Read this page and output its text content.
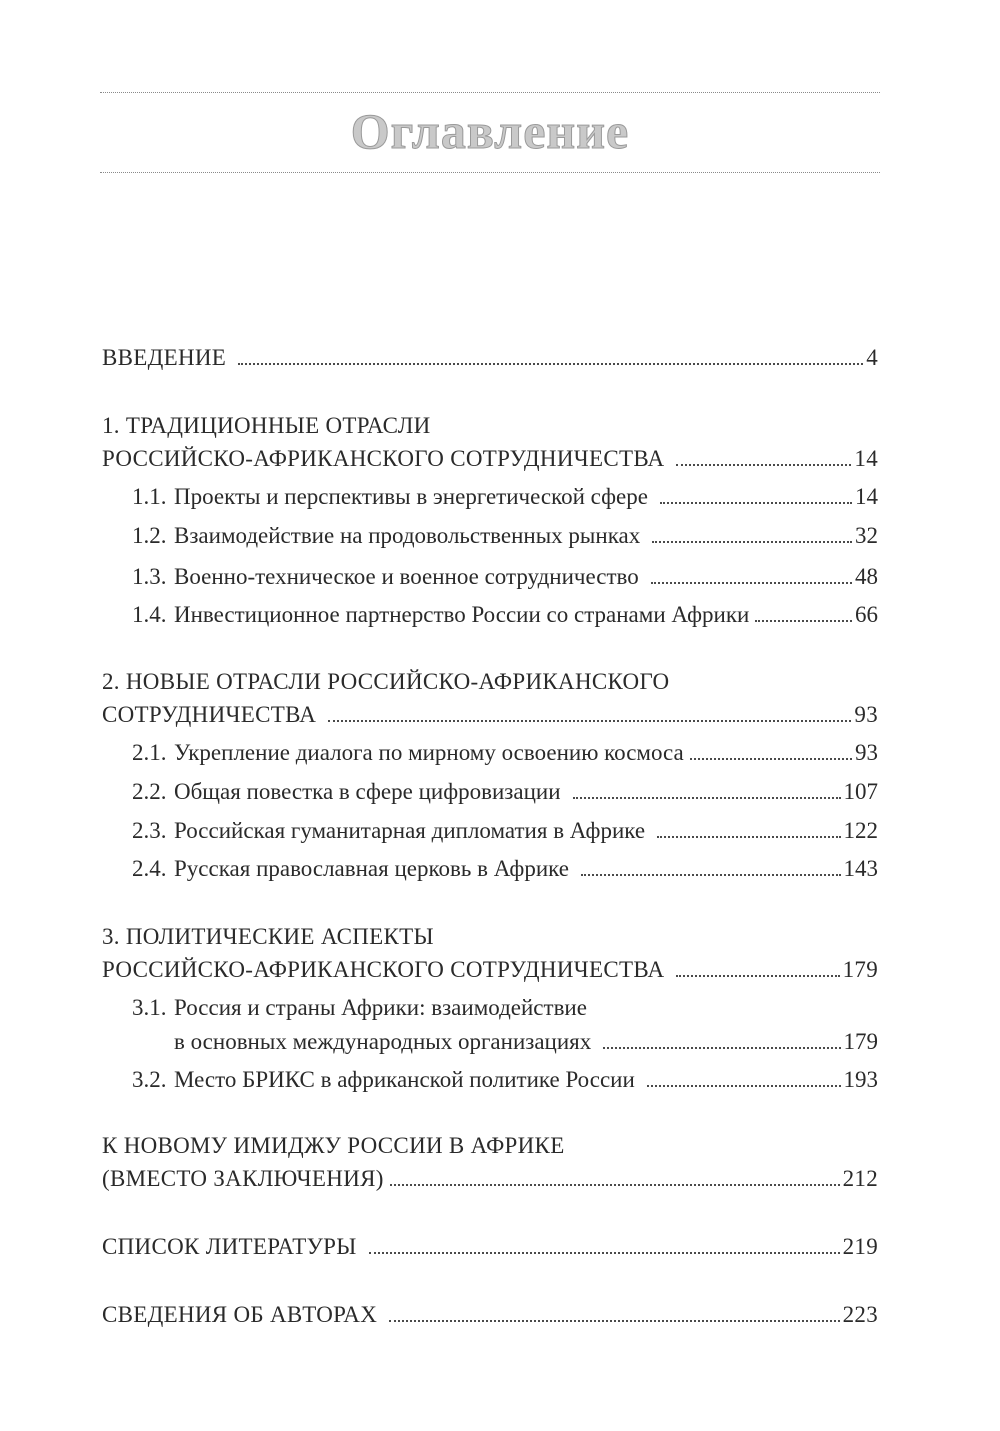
Оглавление
ВВЕДЕНИЕ	4
1. ТРАДИЦИОННЫЕ ОТРАСЛИ
РОССИЙСКО-АФРИКАНСКОГО СОТРУДНИЧЕСТВА	14
1.1. Проекты и перспективы в энергетической сфере	14
1.2. Взаимодействие на продовольственных рынках	32
1.3. Военно-техническое и военное сотрудничество	48
1.4. Инвестиционное партнерство России со странами Африки	66
2. НОВЫЕ ОТРАСЛИ РОССИЙСКО-АФРИКАНСКОГО
СОТРУДНИЧЕСТВА	93
2.1. Укрепление диалога по мирному освоению космоса	93
2.2. Общая повестка в сфере цифровизации	107
2.3. Российская гуманитарная дипломатия в Африке	122
2.4. Русская православная церковь в Африке	143
3. ПОЛИТИЧЕСКИЕ АСПЕКТЫ
РОССИЙСКО-АФРИКАНСКОГО СОТРУДНИЧЕСТВА	179
3.1. Россия и страны Африки: взаимодействие
в основных международных организациях	179
3.2. Место БРИКС в африканской политике России	193
К НОВОМУ ИМИДЖУ РОССИИ В АФРИКЕ
(ВМЕСТО ЗАКЛЮЧЕНИЯ)	212
СПИСОК ЛИТЕРАТУРЫ	219
СВЕДЕНИЯ ОБ АВТОРАХ	223
